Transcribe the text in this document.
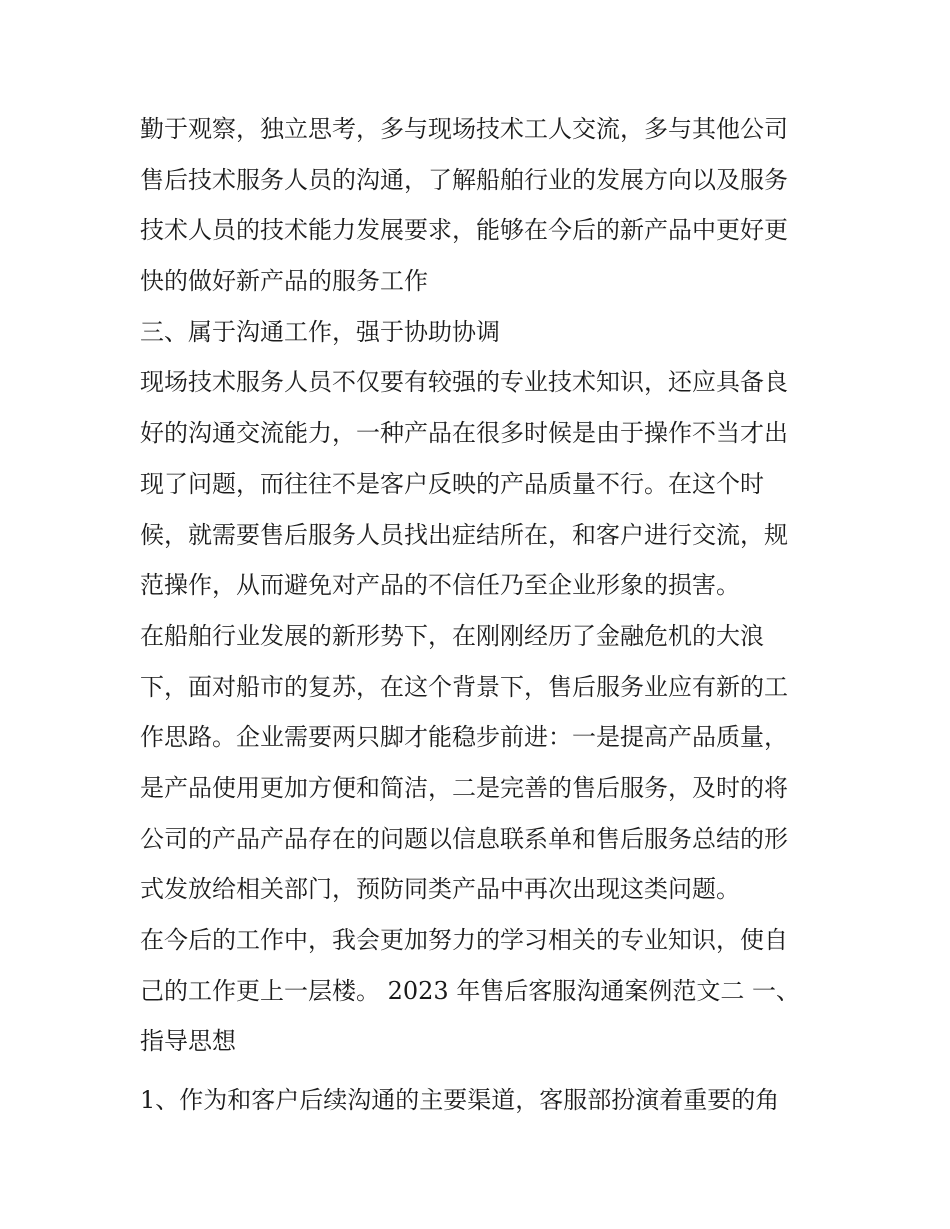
勤于观察，独立思考，多与现场技术工人交流，多与其他公司
售后技术服务人员的沟通，了解船舶行业的发展方向以及服务
技术人员的技术能力发展要求，能够在今后的新产品中更好更
快的做好新产品的服务工作
三、属于沟通工作，强于协助协调
现场技术服务人员不仅要有较强的专业技术知识，还应具备良
好的沟通交流能力，一种产品在很多时候是由于操作不当才出
现了问题，而往往不是客户反映的产品质量不行。在这个时
候，就需要售后服务人员找出症结所在，和客户进行交流，规
范操作，从而避免对产品的不信任乃至企业形象的损害。
在船舶行业发展的新形势下，在刚刚经历了金融危机的大浪
下，面对船市的复苏，在这个背景下，售后服务业应有新的工
作思路。企业需要两只脚才能稳步前进：一是提高产品质量，
是产品使用更加方便和简洁，二是完善的售后服务，及时的将
公司的产品产品存在的问题以信息联系单和售后服务总结的形
式发放给相关部门，预防同类产品中再次出现这类问题。
在今后的工作中，我会更加努力的学习相关的专业知识，使自
己的工作更上一层楼。 2023 年售后客服沟通案例范文二 一、
指导思想
1、作为和客户后续沟通的主要渠道，客服部扮演着重要的角
